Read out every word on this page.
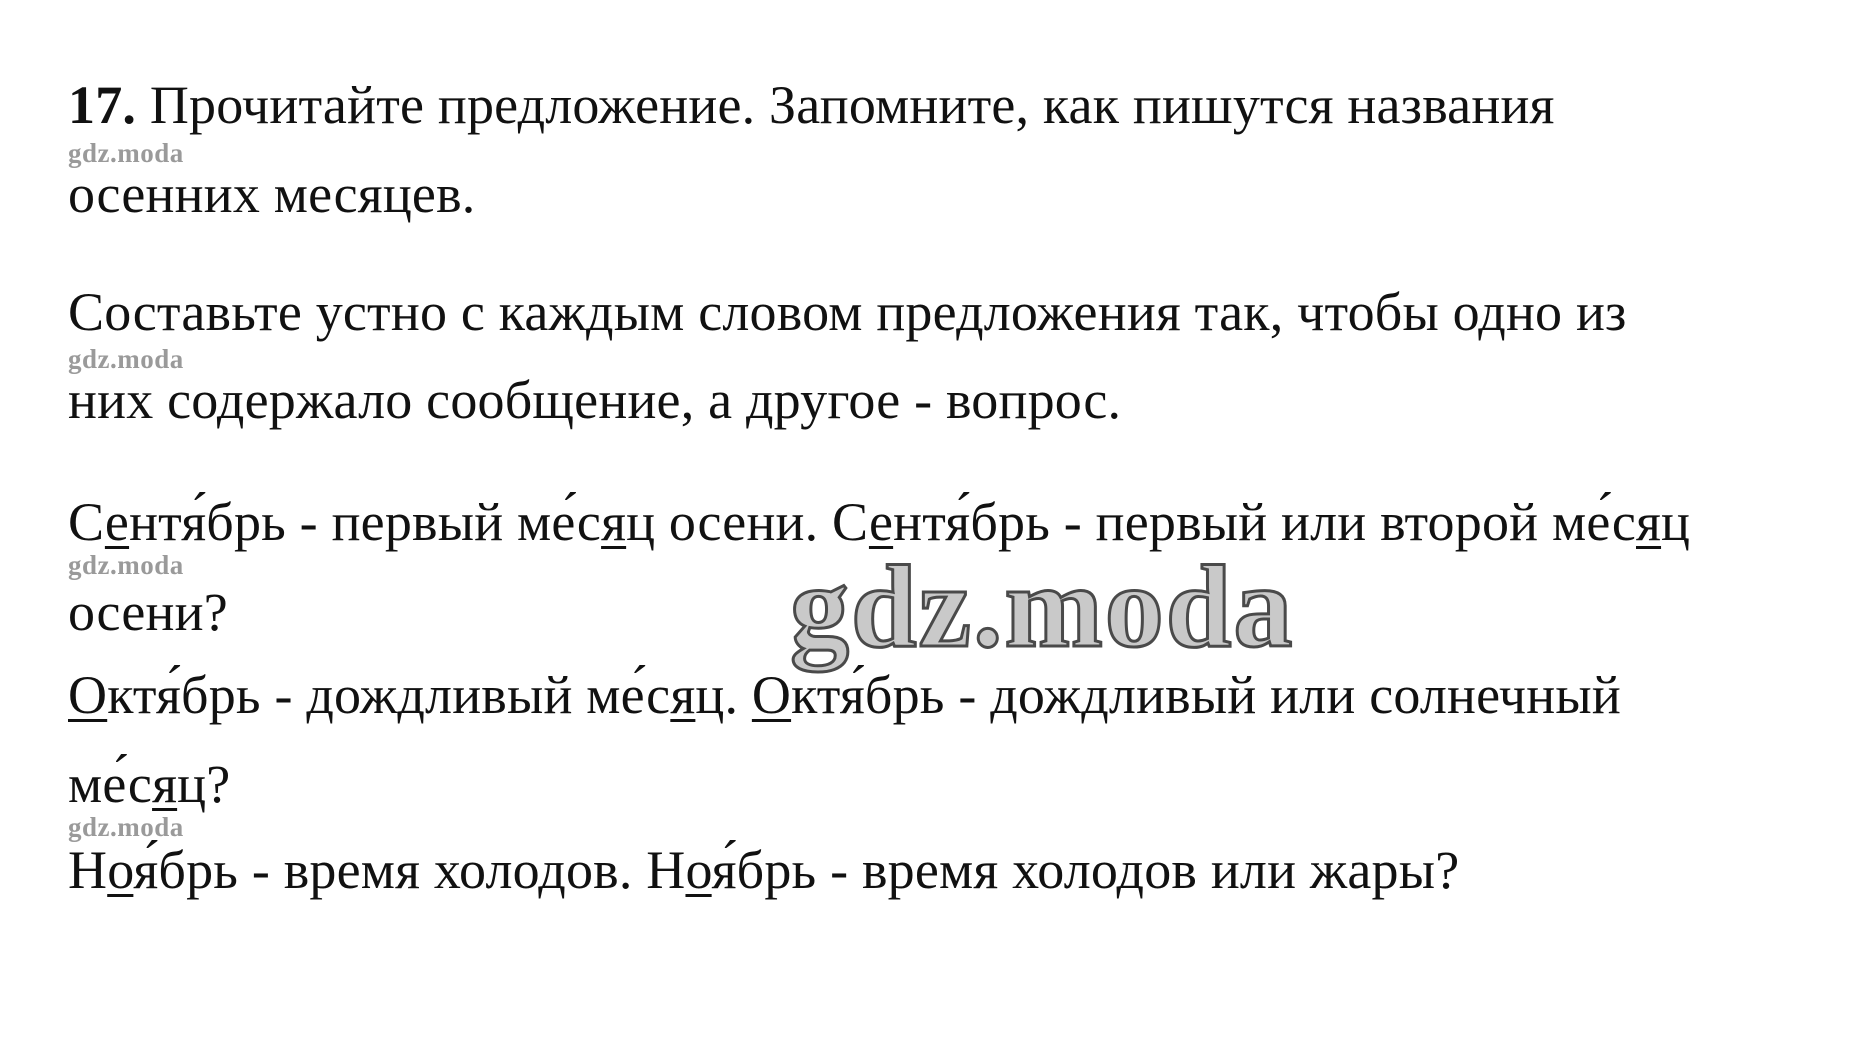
17. Прочитайте предложение. Запомните, как пишутся названия
gdz.moda
осенних месяцев.
Составьте устно с каждым словом предложения так, чтобы одно из
gdz.moda
них содержало сообщение, а другое - вопрос.
Сентя́брь - первый ме́сяц осени. Сентя́брь - первый или второй ме́сяц
gdz.moda
осени?	gdz.moda
Октя́брь - дождливый ме́сяц. Октя́брь - дождливый или солнечный
ме́сяц?
gdz.moda
Ноя́брь - время холодов. Ноя́брь - время холодов или жары?
